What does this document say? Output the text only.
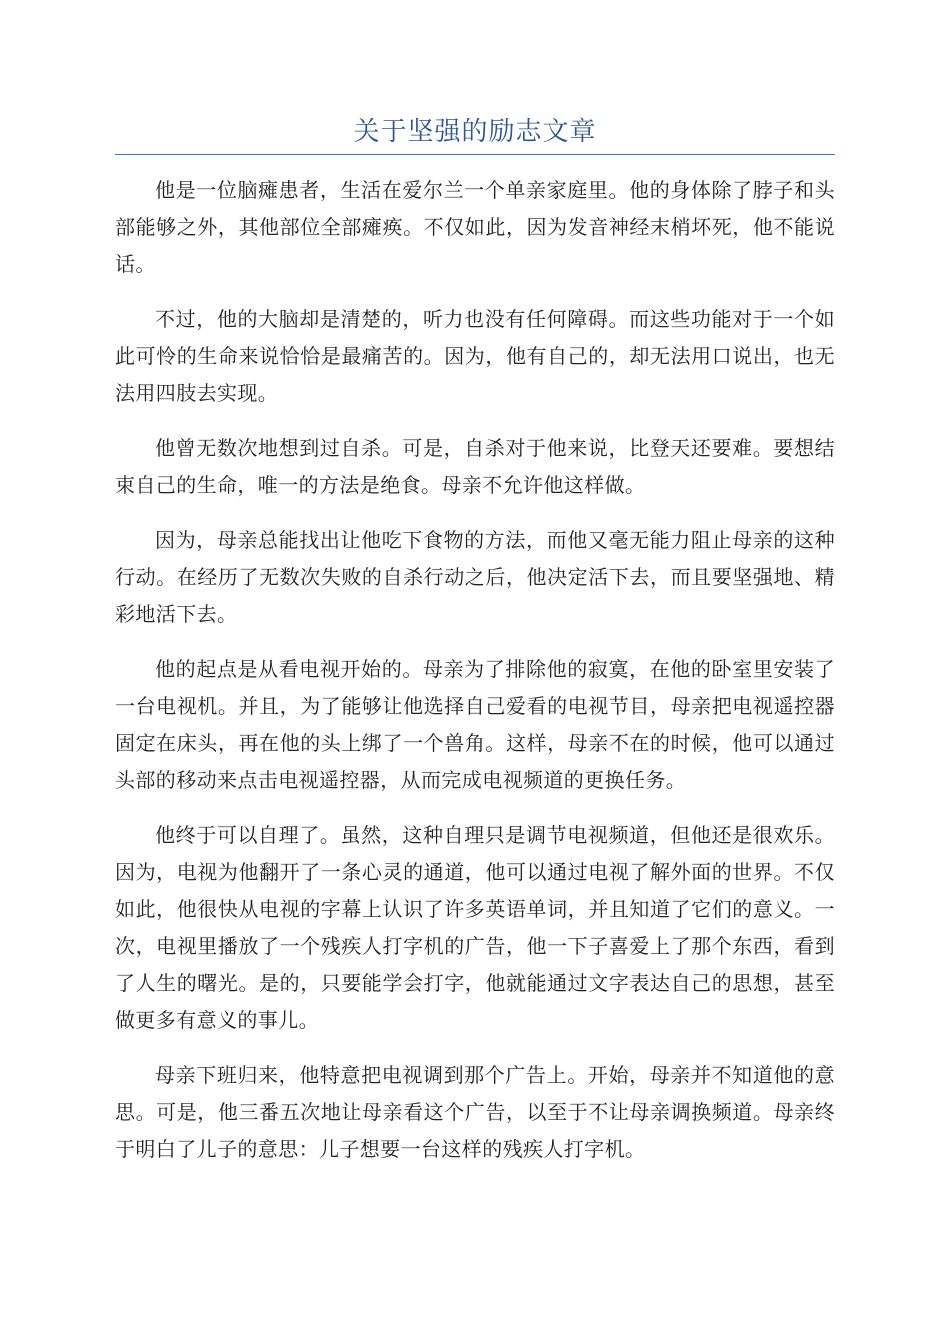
关于坚强的励志文章

他是一位脑瘫患者，生活在爱尔兰一个单亲家庭里。他的身体除了脖子和头部能够之外，其他部位全部瘫痪。不仅如此，因为发音神经末梢坏死，他不能说话。

不过，他的大脑却是清楚的，听力也没有任何障碍。而这些功能对于一个如此可怜的生命来说恰恰是最痛苦的。因为，他有自己的，却无法用口说出，也无法用四肢去实现。

他曾无数次地想到过自杀。可是，自杀对于他来说，比登天还要难。要想结束自己的生命，唯一的方法是绝食。母亲不允许他这样做。

因为，母亲总能找出让他吃下食物的方法，而他又毫无能力阻止母亲的这种行动。在经历了无数次失败的自杀行动之后，他决定活下去，而且要坚强地、精彩地活下去。

他的起点是从看电视开始的。母亲为了排除他的寂寞，在他的卧室里安装了一台电视机。并且，为了能够让他选择自己爱看的电视节目，母亲把电视遥控器固定在床头，再在他的头上绑了一个兽角。这样，母亲不在的时候，他可以通过头部的移动来点击电视遥控器，从而完成电视频道的更换任务。

他终于可以自理了。虽然，这种自理只是调节电视频道，但他还是很欢乐。因为，电视为他翻开了一条心灵的通道，他可以通过电视了解外面的世界。不仅如此，他很快从电视的字幕上认识了许多英语单词，并且知道了它们的意义。一次，电视里播放了一个残疾人打字机的广告，他一下子喜爱上了那个东西，看到了人生的曙光。是的，只要能学会打字，他就能通过文字表达自己的思想，甚至做更多有意义的事儿。

母亲下班归来，他特意把电视调到那个广告上。开始，母亲并不知道他的意思。可是，他三番五次地让母亲看这个广告，以至于不让母亲调换频道。母亲终于明白了儿子的意思：儿子想要一台这样的残疾人打字机。
